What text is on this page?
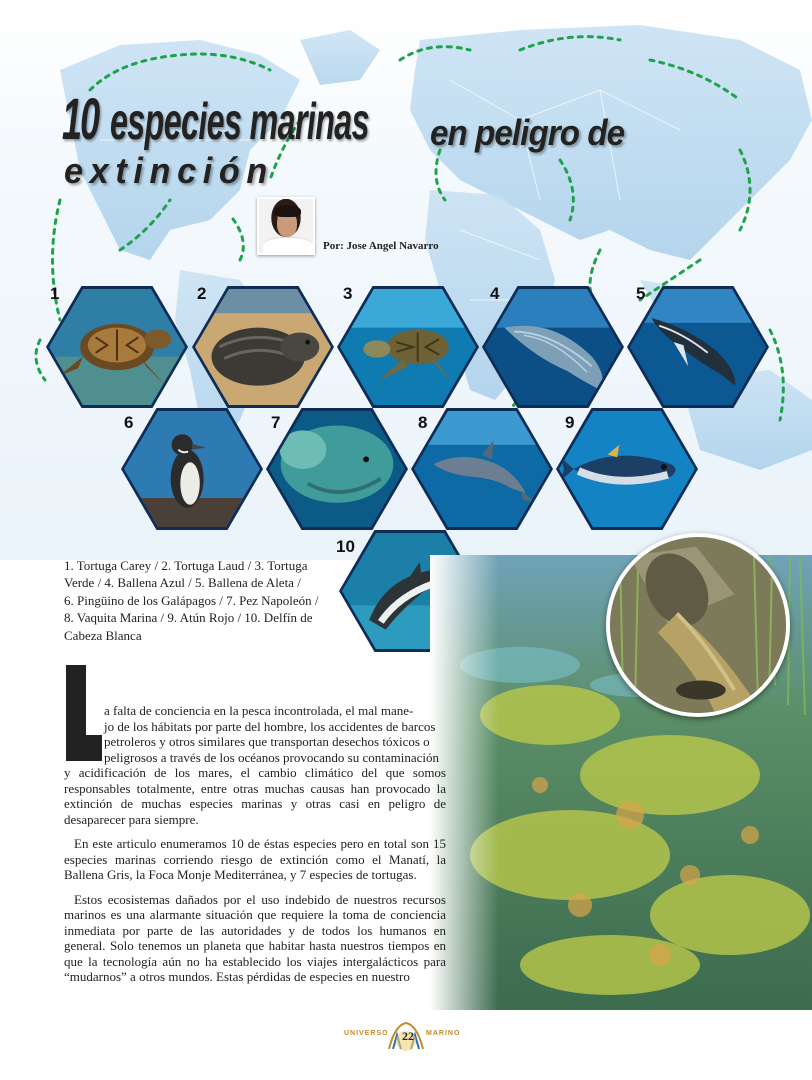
10 especies marinas en peligro de
extinción
Por: Jose Angel Navarro
1	2	3	4	5
6	7	8	9
10
1. Tortuga Carey / 2. Tortuga Laud / 3. Tortuga
Verde / 4. Ballena Azul / 5. Ballena de Aleta /
6. Pingüino de los Galápagos / 7. Pez Napoleón /
8. Vaquita Marina / 9. Atún Rojo / 10. Delfín de
Cabeza Blanca
a falta de conciencia en la pesca incontrolada, el mal mane-
jo de los hábitats por parte del hombre, los accidentes de barcos
petroleros y otros similares que transportan desechos tóxicos o
peligrosos a través de los océanos provocando su contaminación

y acidificación de los mares, el cambio climático del que somos responsables totalmente, entre otras muchas causas han provocado la extinción de muchas especies marinas y otras casi en peligro de desaparecer para siempre.

En este articulo enumeramos 10 de éstas especies pero en total son 15 especies marinas corriendo riesgo de extinción como el Manatí, la Ballena Gris, la Foca Monje Mediterránea, y 7 especies de tortugas.

Estos ecosistemas dañados por el uso indebido de nuestros recursos marinos es una alarmante situación que requiere la toma de conciencia inmediata por parte de las autoridades y de todos los humanos en general. Solo tenemos un planeta que habitar hasta nuestros tiempos en que la tecnología aún no ha establecido los viajes intergalácticos para “mudarnos” a otros mundos. Estas pérdidas de especies en nuestro

UNIVERSO	22	MARINO
